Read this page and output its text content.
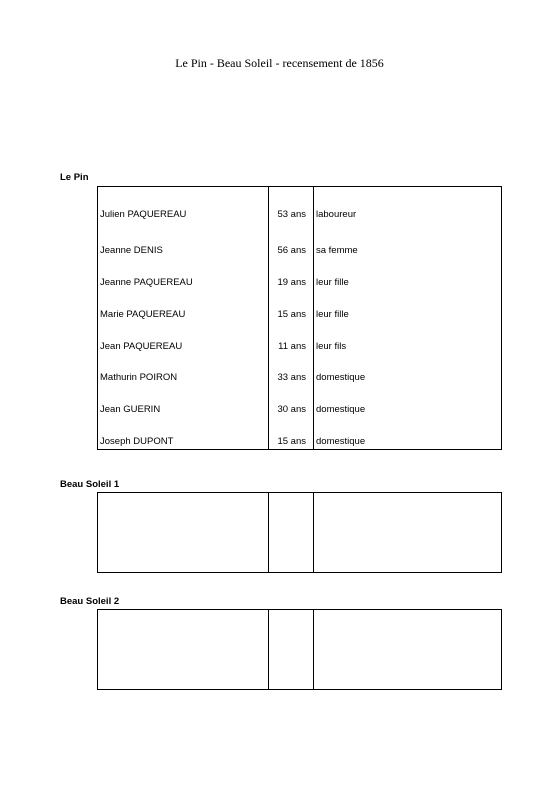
Le Pin - Beau Soleil - recensement de 1856
Le Pin
Julien PAQUEREAU	53 ans laboureur
Jeanne DENIS	56 ans sa femme
Jeanne PAQUEREAU	19 ans leur fille
Marie PAQUEREAU	15 ans leur fille
Jean PAQUEREAU	11 ans leur fils
Mathurin POIRON	33 ans domestique
Jean GUERIN	30 ans domestique
Joseph DUPONT	15 ans domestique
Beau Soleil 1
Beau Soleil 2
